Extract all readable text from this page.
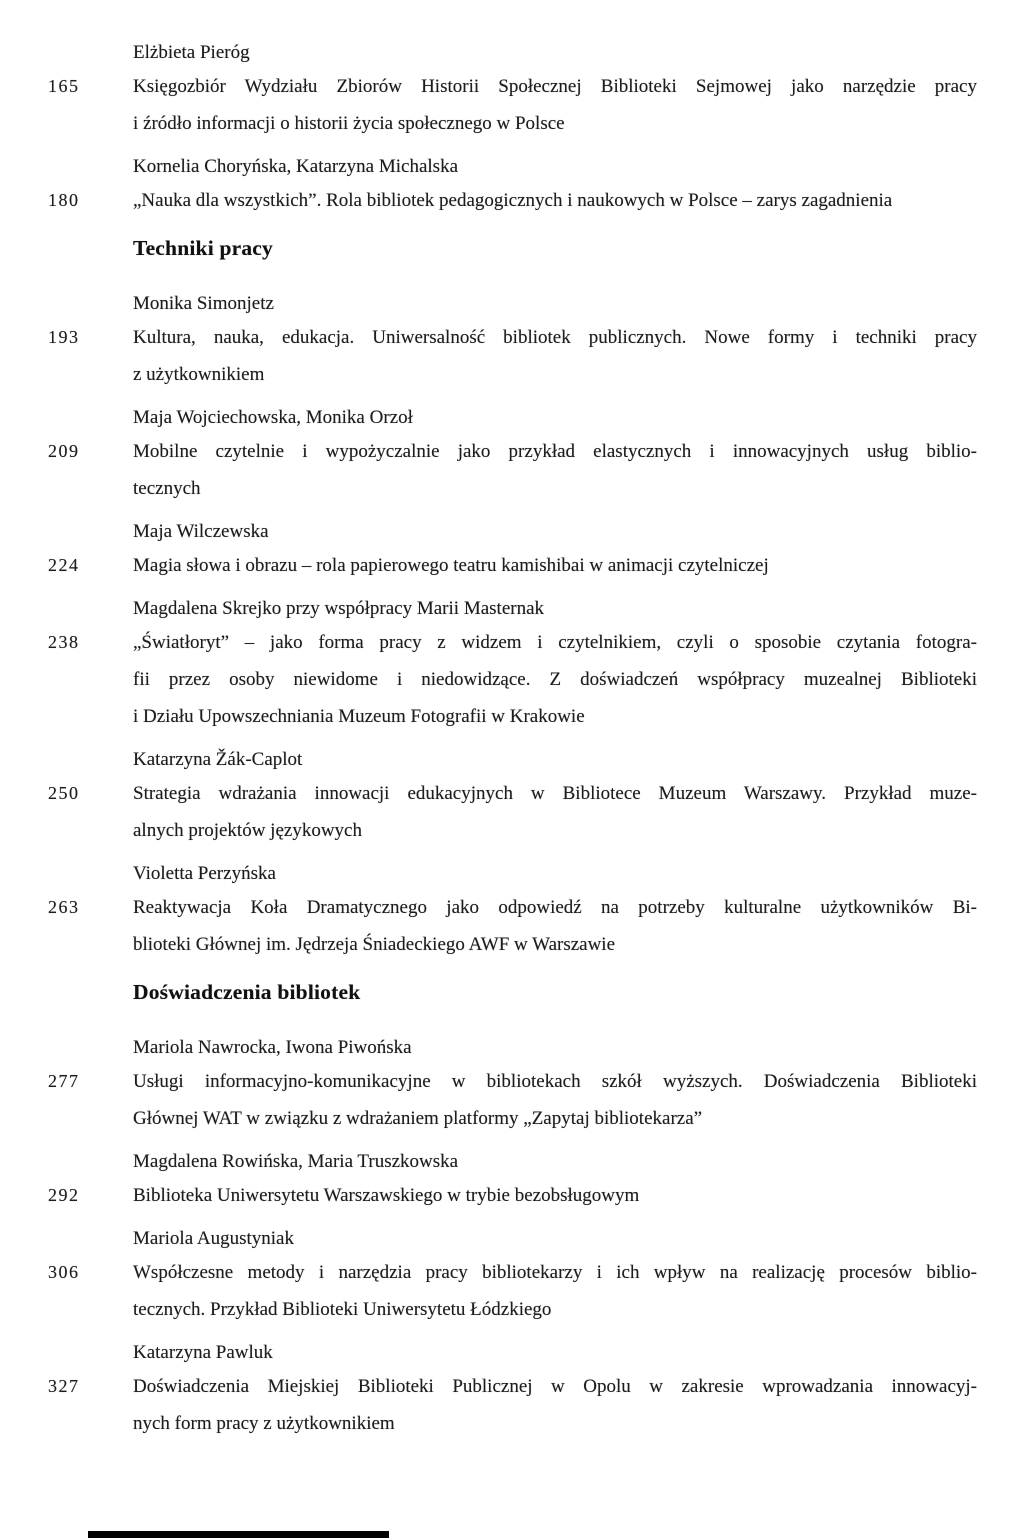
Elżbieta Pieróg
165	Księgozbiór Wydziału Zbiorów Historii Społecznej Biblioteki Sejmowej jako narzędzie pracy
i źródło informacji o historii życia społecznego w Polsce
Kornelia Choryńska, Katarzyna Michalska
180	„Nauka dla wszystkich”. Rola bibliotek pedagogicznych i naukowych w Polsce – zarys zagadnienia
Techniki pracy
Monika Simonjetz
193	Kultura, nauka, edukacja. Uniwersalność bibliotek publicznych. Nowe formy i techniki pracy
z użytkownikiem
Maja Wojciechowska, Monika Orzoł
209	Mobilne czytelnie i wypożyczalnie jako przykład elastycznych i innowacyjnych usług biblio-
tecznych
Maja Wilczewska
224	Magia słowa i obrazu – rola papierowego teatru kamishibai w animacji czytelniczej
Magdalena Skrejko przy współpracy Marii Masternak
238	„Światłoryt” – jako forma pracy z widzem i czytelnikiem, czyli o sposobie czytania fotogra-
fii przez osoby niewidome i niedowidzące. Z doświadczeń współpracy muzealnej Biblioteki
i Działu Upowszechniania Muzeum Fotografii w Krakowie
Katarzyna Žák-Caplot
250	Strategia wdrażania innowacji edukacyjnych w Bibliotece Muzeum Warszawy. Przykład muze-
alnych projektów językowych
Violetta Perzyńska
263	Reaktywacja Koła Dramatycznego jako odpowiedź na potrzeby kulturalne użytkowników Bi-
blioteki Głównej im. Jędrzeja Śniadeckiego AWF w Warszawie
Doświadczenia bibliotek
Mariola Nawrocka, Iwona Piwońska
277	Usługi informacyjno-komunikacyjne w bibliotekach szkół wyższych. Doświadczenia Biblioteki
Głównej WAT w związku z wdrażaniem platformy „Zapytaj bibliotekarza”
Magdalena Rowińska, Maria Truszkowska
292	Biblioteka Uniwersytetu Warszawskiego w trybie bezobsługowym
Mariola Augustyniak
306	Współczesne metody i narzędzia pracy bibliotekarzy i ich wpływ na realizację procesów biblio-
tecznych. Przykład Biblioteki Uniwersytetu Łódzkiego
Katarzyna Pawluk
327	Doświadczenia Miejskiej Biblioteki Publicznej w Opolu w zakresie wprowadzania innowacyj-
nych form pracy z użytkownikiem
